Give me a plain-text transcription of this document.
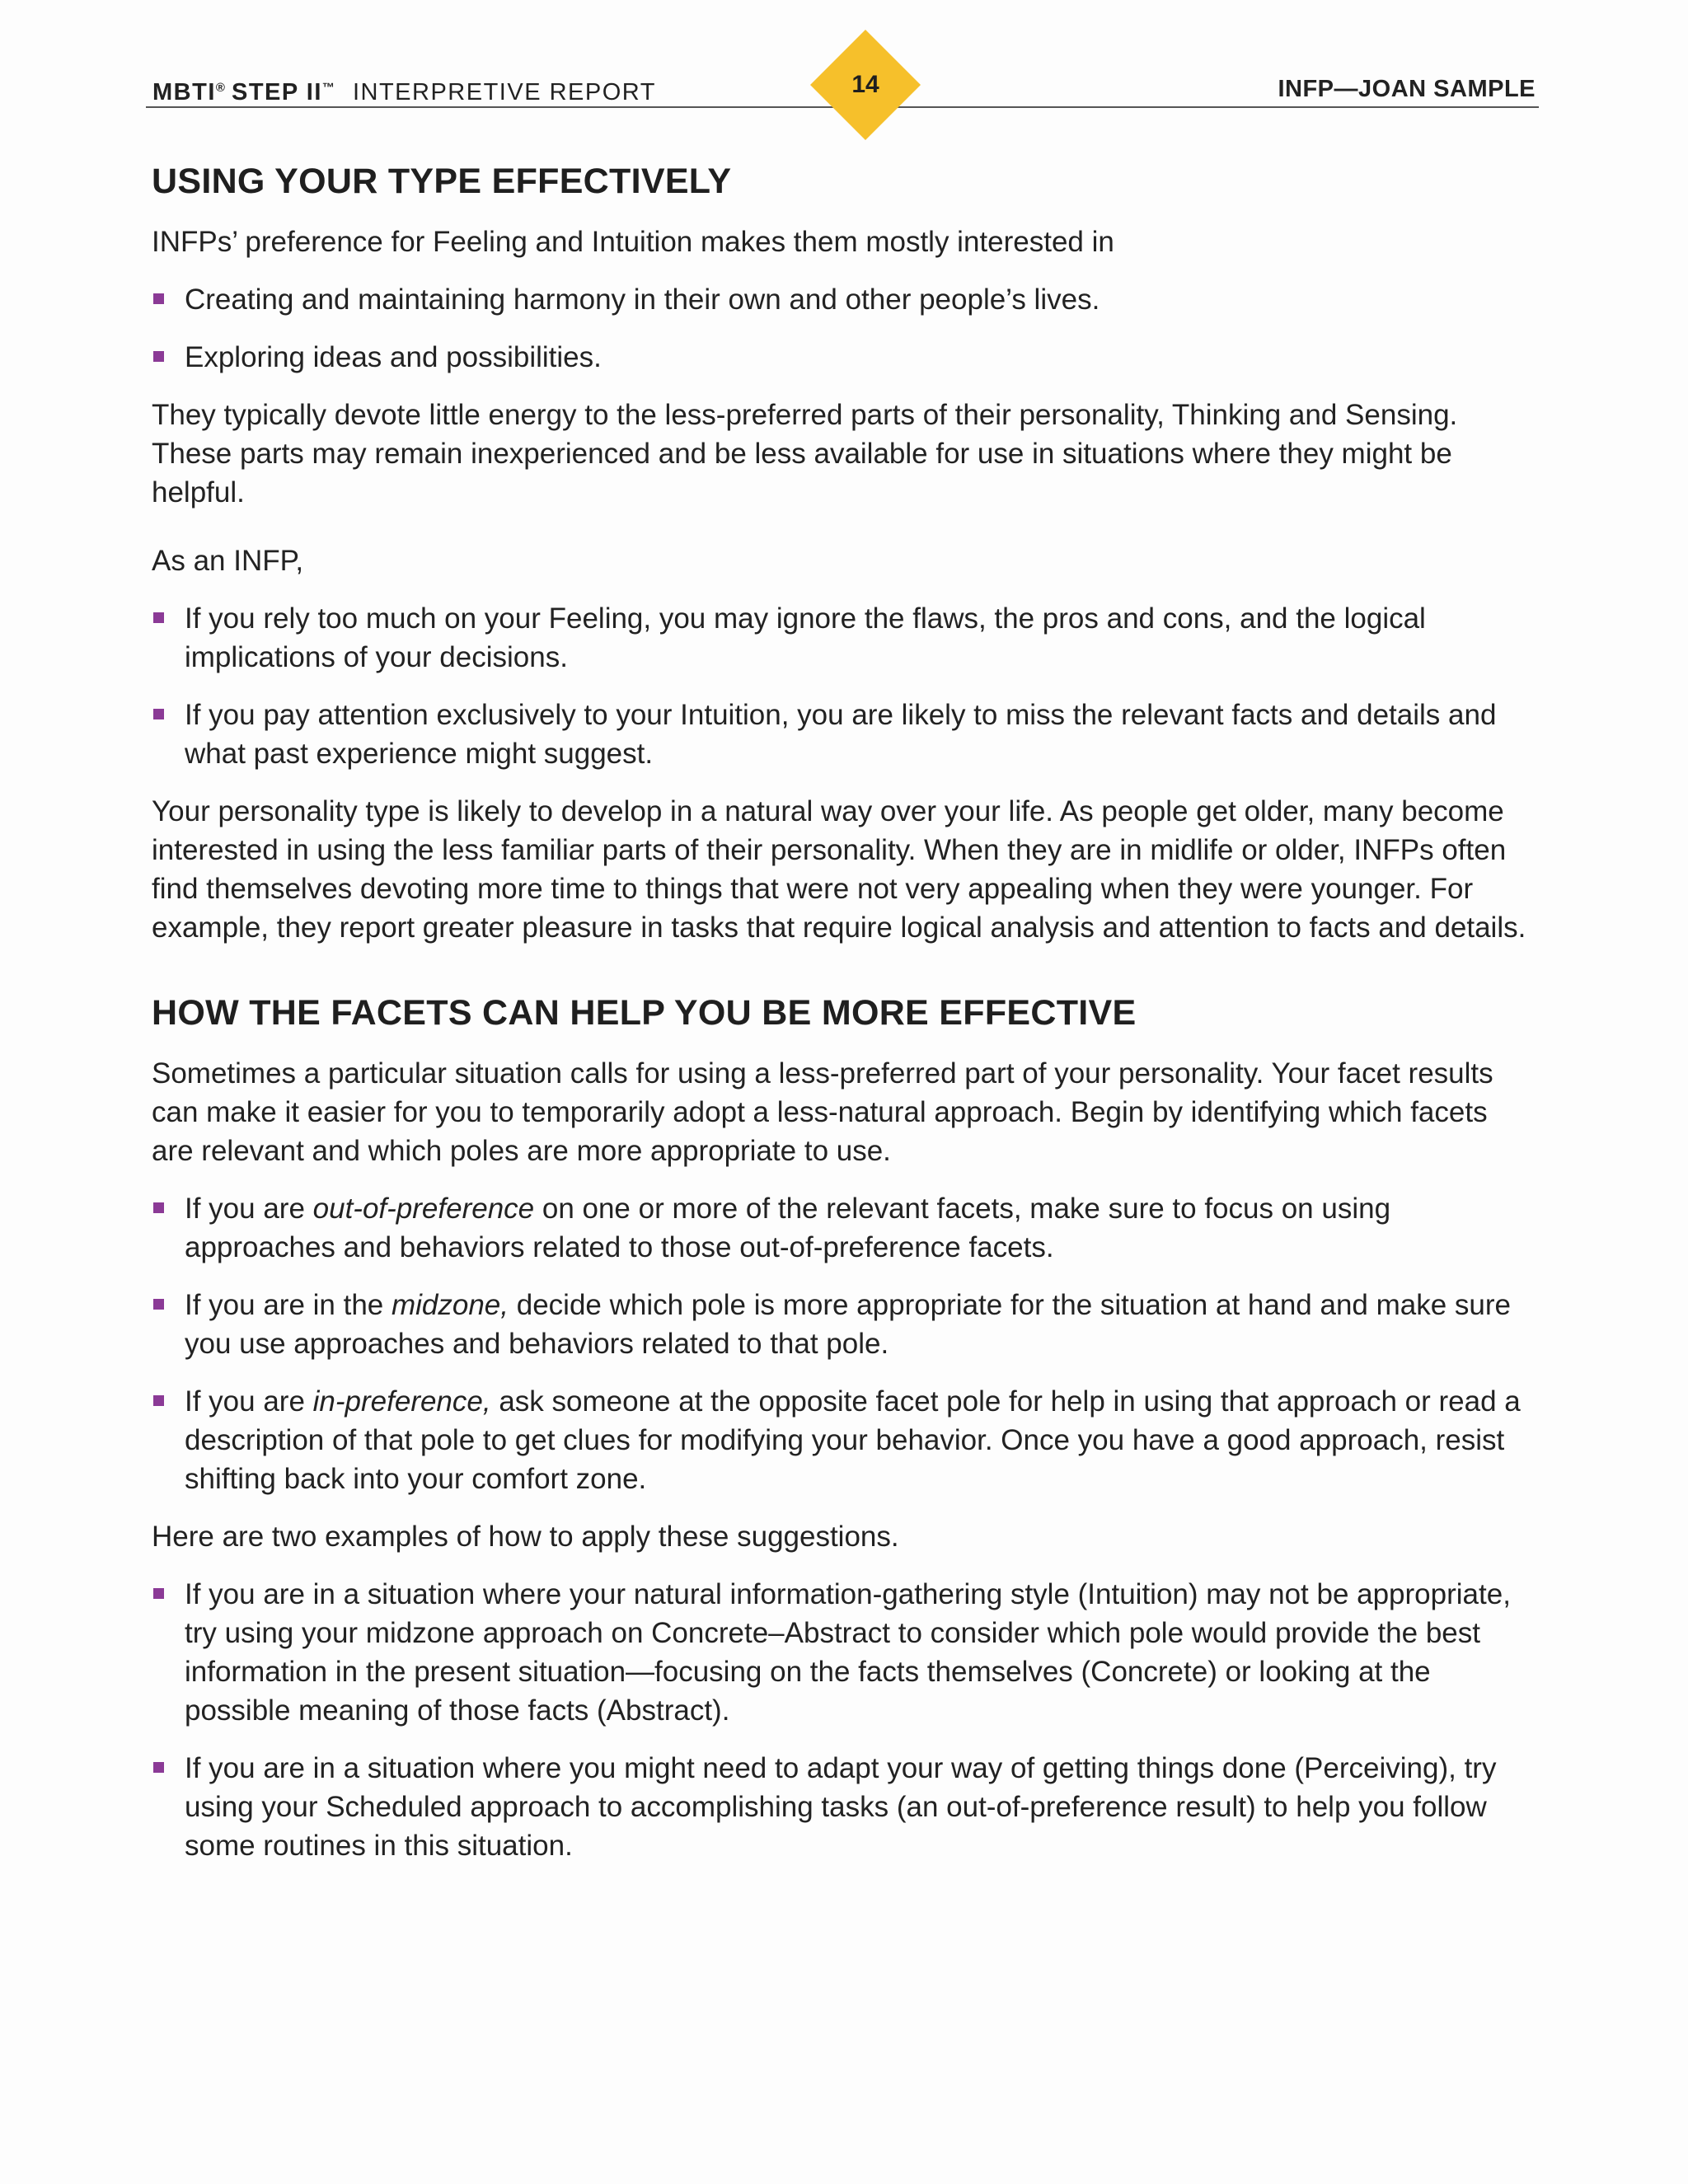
MBTI® STEP II™ INTERPRETIVE REPORT	14	INFP—JOAN SAMPLE
USING YOUR TYPE EFFECTIVELY

INFPs’ preference for Feeling and Intuition makes them mostly interested in

Creating and maintaining harmony in their own and other people’s lives.
Exploring ideas and possibilities.

They typically devote little energy to the less-preferred parts of their personality, Thinking and Sensing. These parts may remain inexperienced and be less available for use in situations where they might be helpful.

As an INFP,

If you rely too much on your Feeling, you may ignore the flaws, the pros and cons, and the logical implications of your decisions.
If you pay attention exclusively to your Intuition, you are likely to miss the relevant facts and details and what past experience might suggest.

Your personality type is likely to develop in a natural way over your life. As people get older, many become interested in using the less familiar parts of their personality. When they are in midlife or older, INFPs often find themselves devoting more time to things that were not very appealing when they were younger. For example, they report greater pleasure in tasks that require logical analysis and attention to facts and details.

HOW THE FACETS CAN HELP YOU BE MORE EFFECTIVE

Sometimes a particular situation calls for using a less-preferred part of your personality. Your facet results can make it easier for you to temporarily adopt a less-natural approach. Begin by identifying which facets are relevant and which poles are more appropriate to use.

If you are out-of-preference on one or more of the relevant facets, make sure to focus on using approaches and behaviors related to those out-of-preference facets.
If you are in the midzone, decide which pole is more appropriate for the situation at hand and make sure you use approaches and behaviors related to that pole.
If you are in-preference, ask someone at the opposite facet pole for help in using that approach or read a description of that pole to get clues for modifying your behavior. Once you have a good approach, resist shifting back into your comfort zone.

Here are two examples of how to apply these suggestions.

If you are in a situation where your natural information-gathering style (Intuition) may not be appropriate, try using your midzone approach on Concrete–Abstract to consider which pole would provide the best information in the present situation—focusing on the facts themselves (Concrete) or looking at the possible meaning of those facts (Abstract).
If you are in a situation where you might need to adapt your way of getting things done (Perceiving), try using your Scheduled approach to accomplishing tasks (an out-of-preference result) to help you follow some routines in this situation.
